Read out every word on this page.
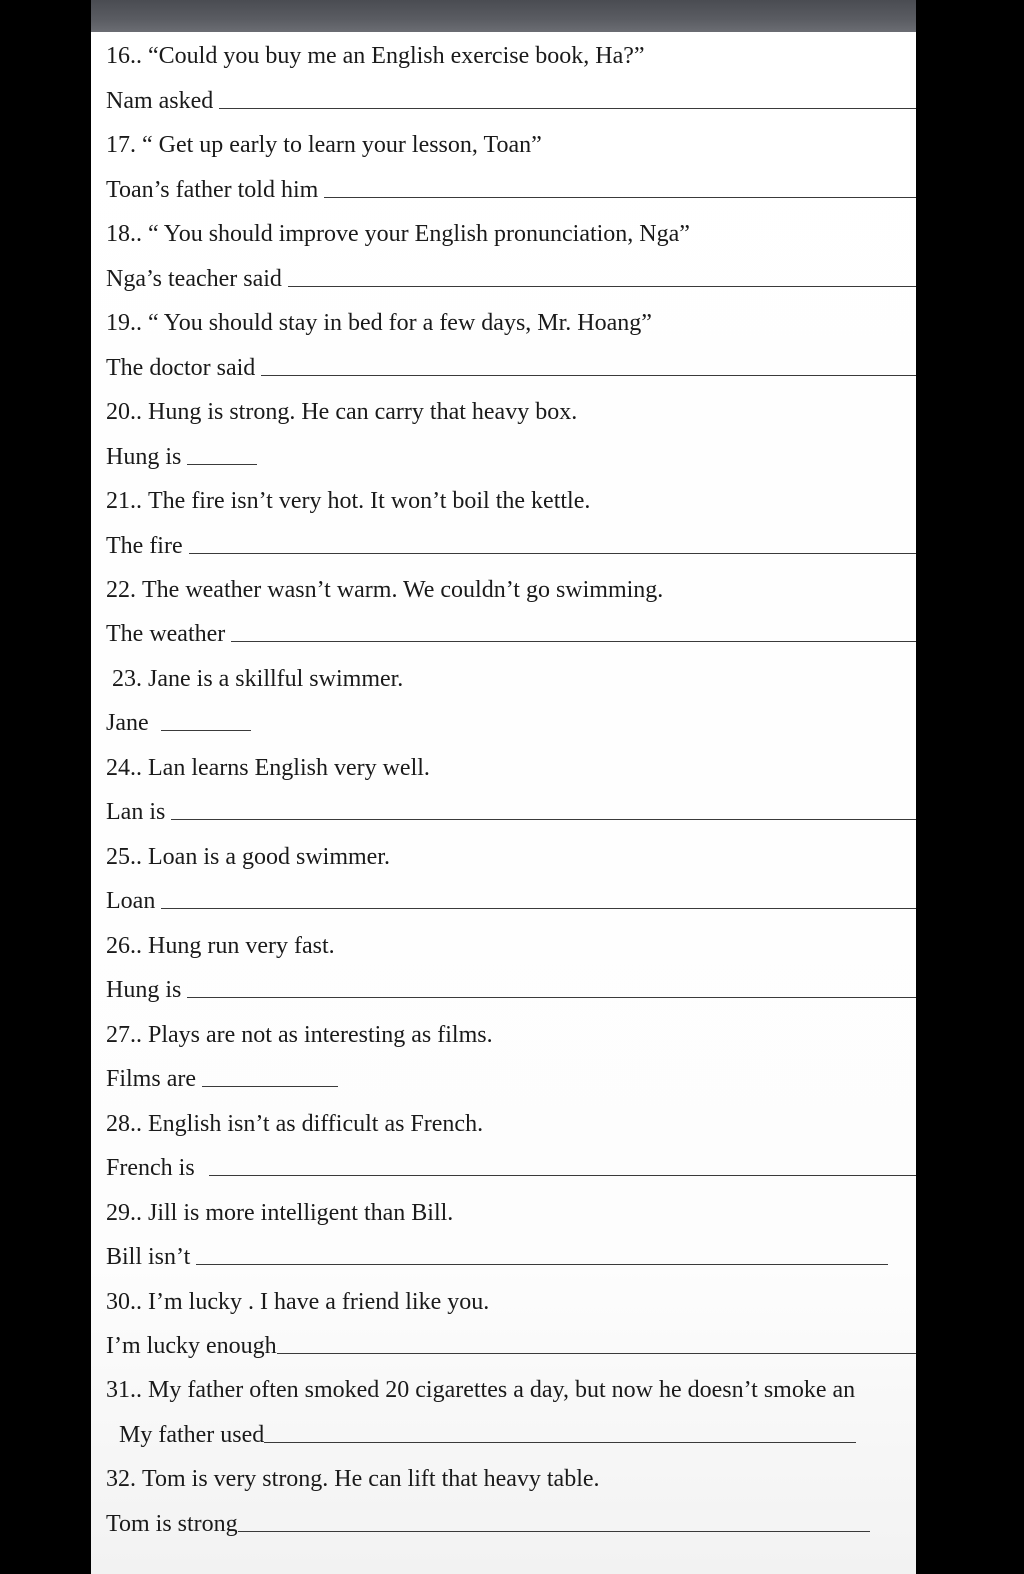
16..
“Could you buy me an English exercise book, Ha?”
Nam asked
17.
“ Get up early to learn your lesson, Toan”
Toan’s father told him
18..
“ You should improve your English pronunciation, Nga”
Nga’s teacher said
19..
“ You should stay in bed for a few days, Mr. Hoang”
The doctor said
20..
Hung is strong. He can carry that heavy box.
Hung is
21..
The fire isn’t very hot. It won’t boil the kettle.
The fire
22.
The weather wasn’t warm. We couldn’t go swimming.
The weather
23.
Jane is a skillful swimmer.
Jane
24..
Lan learns English very well.
Lan is
25..
Loan is a good swimmer.
Loan
26..
Hung run very fast.
Hung is
27..
Plays are not as interesting as films.
Films are
28..
English isn’t as difficult as French.
French is
29..
Jill is more intelligent than Bill.
Bill isn’t
30..
I’m lucky . I have a friend like you.
I’m lucky enough
31..
My father often smoked 20 cigarettes a day, but now he doesn’t smoke an
My father used
32.
Tom is very strong. He can lift that heavy table.
Tom is strong
